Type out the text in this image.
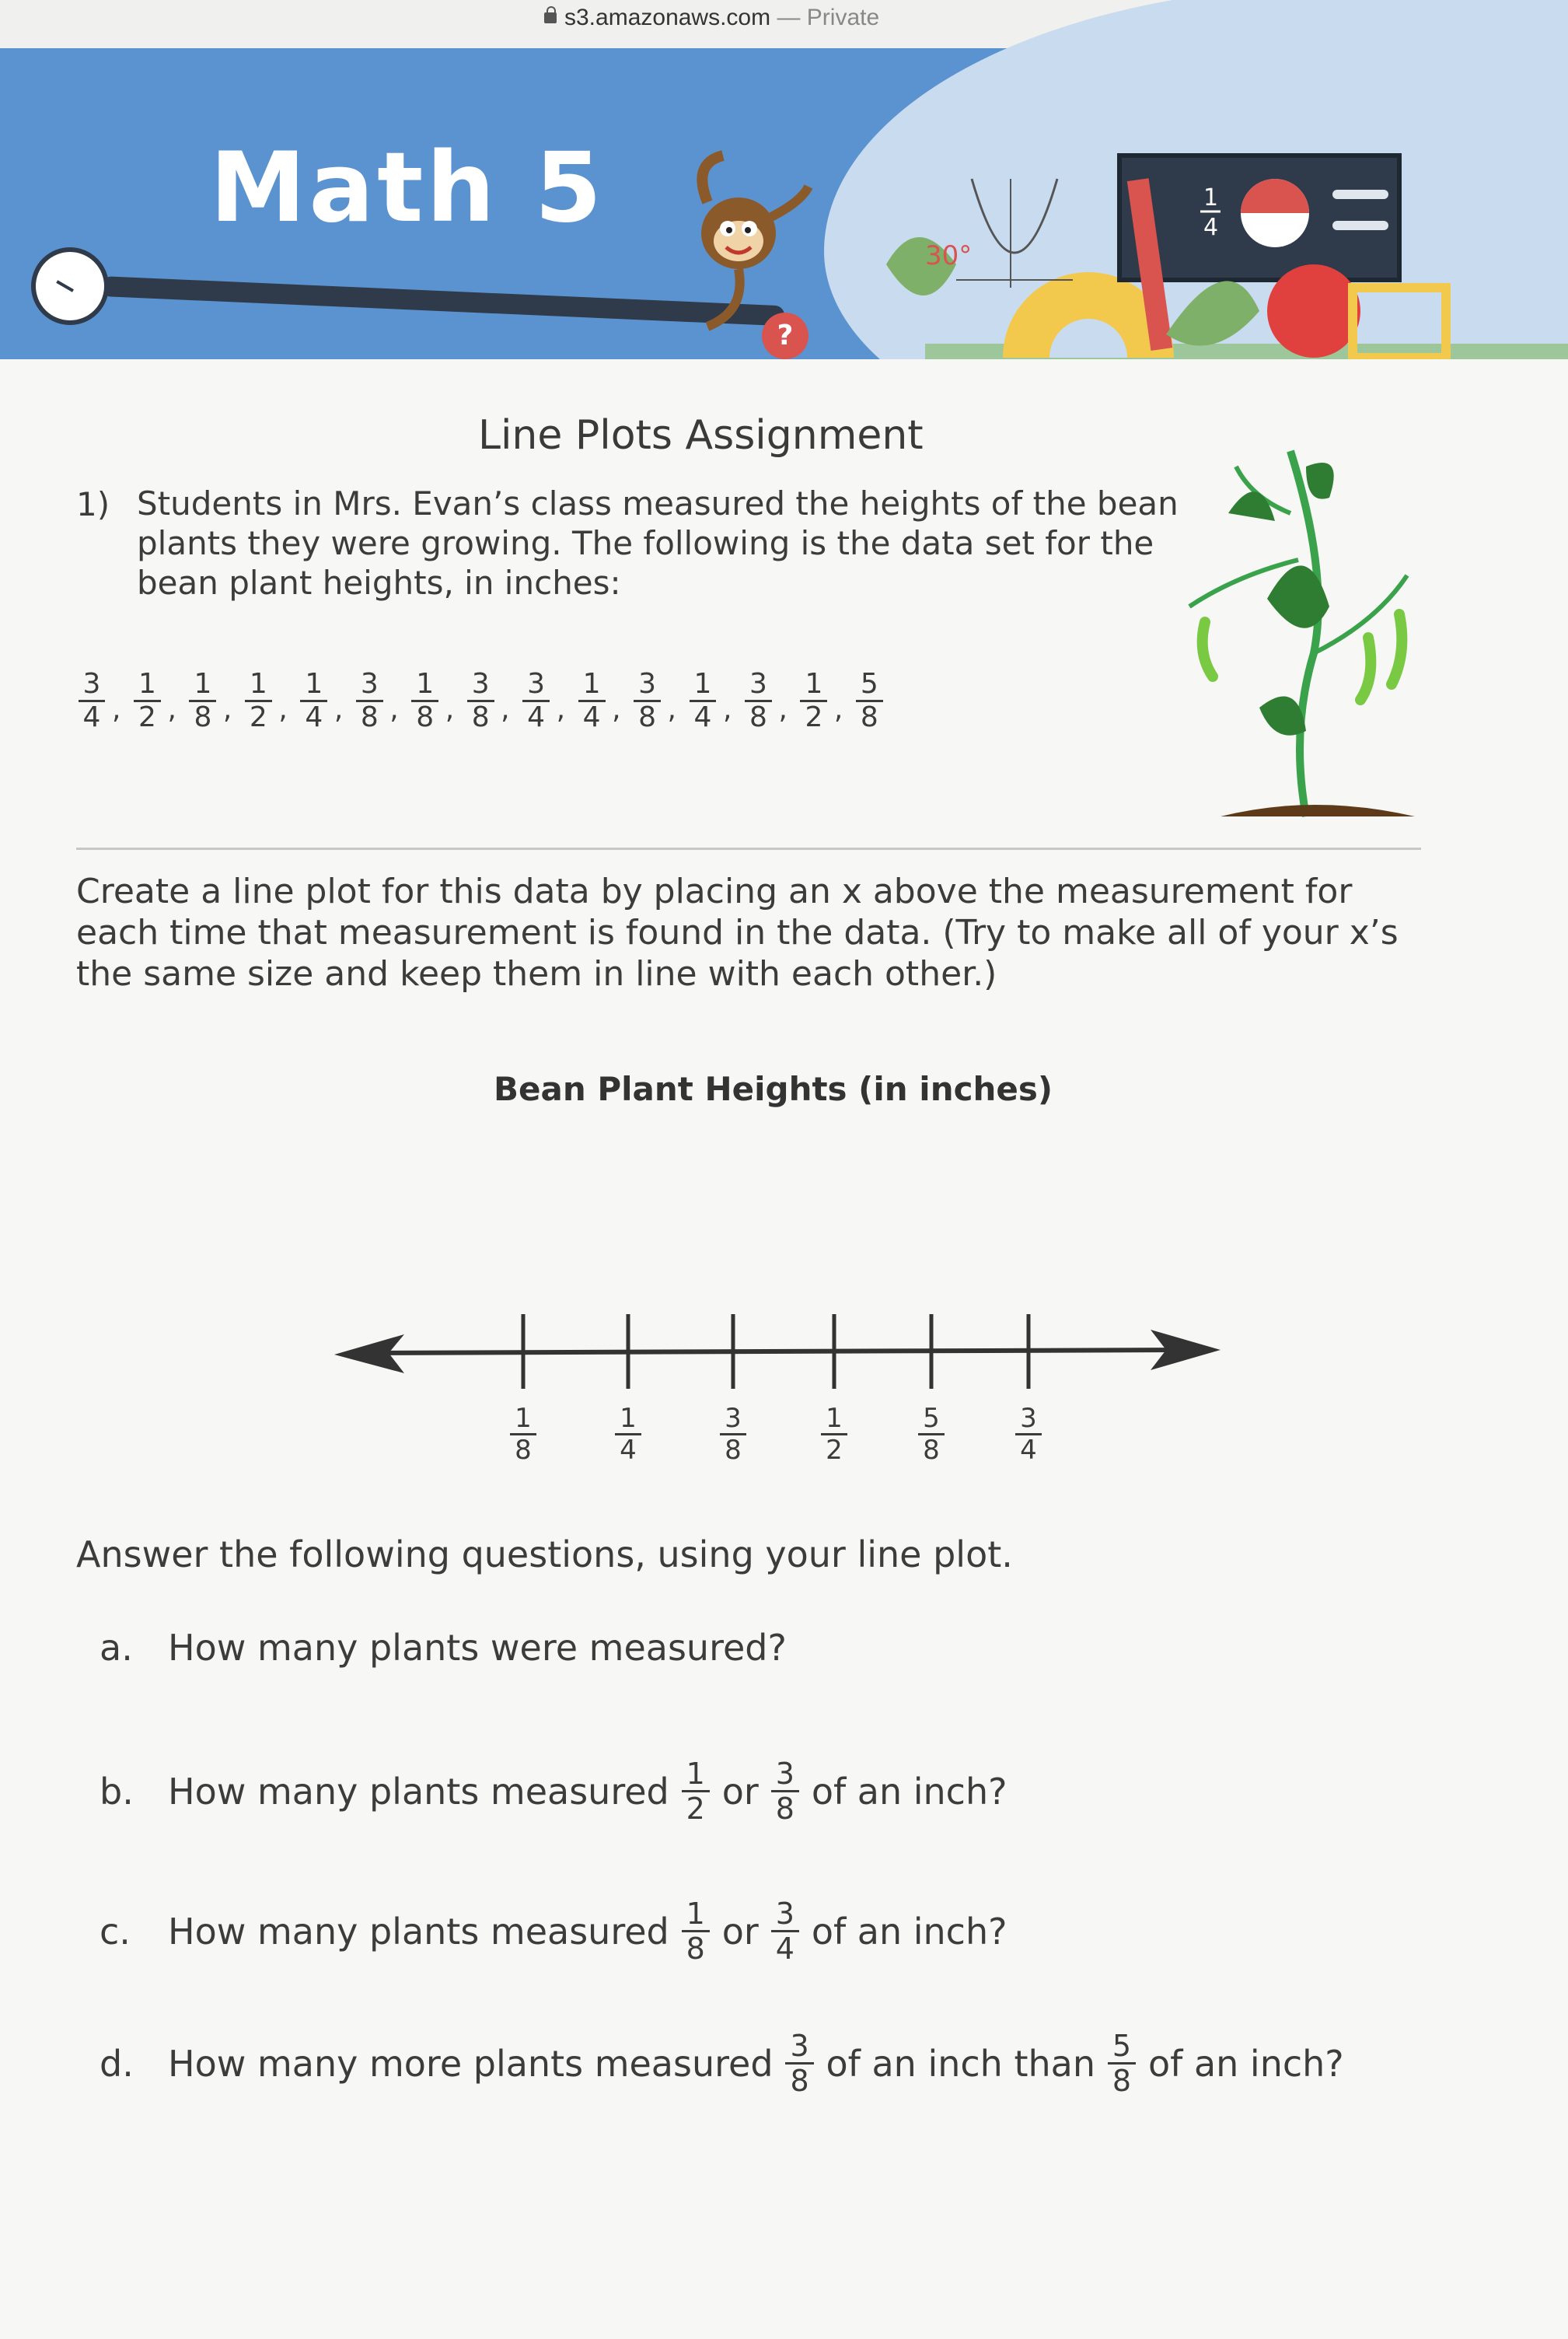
s3.amazonaws.com — Private
Math 5
?
30°
1
4
Line Plots Assignment
1) Students in Mrs. Evan’s class measured the heights of the bean plants they were growing. The following is the data set for the bean plant heights, in inches:
$\frac{3}{4}$ , $\frac{1}{2}$ , $\frac{1}{8}$ , $\frac{1}{2}$ , $\frac{1}{4}$ , $\frac{3}{8}$ , $\frac{1}{8}$ , $\frac{3}{8}$ , $\frac{3}{4}$ , $\frac{1}{4}$ , $\frac{3}{8}$ , $\frac{1}{4}$ , $\frac{3}{8}$ , $\frac{1}{2}$ , $\frac{5}{8}$
Create a line plot for this data by placing an x above the measurement for each time that measurement is found in the data. (Try to make all of your x’s the same size and keep them in line with each other.)
Bean Plant Heights (in inches)
$\frac{1}{8}$	$\frac{1}{4}$	$\frac{3}{8}$	$\frac{1}{2}$	$\frac{5}{8}$	$\frac{3}{4}$
Answer the following questions, using your line plot.
a. How many plants were measured?
b. How many plants measured $\frac{1}{2}$ or $\frac{3}{8}$ of an inch?
c.	How many plants measured $\frac{1}{8}$ or $\frac{3}{4}$ of an inch?
d. How many more plants measured $\frac{3}{8}$ of an inch than $\frac{5}{8}$ of an inch?
